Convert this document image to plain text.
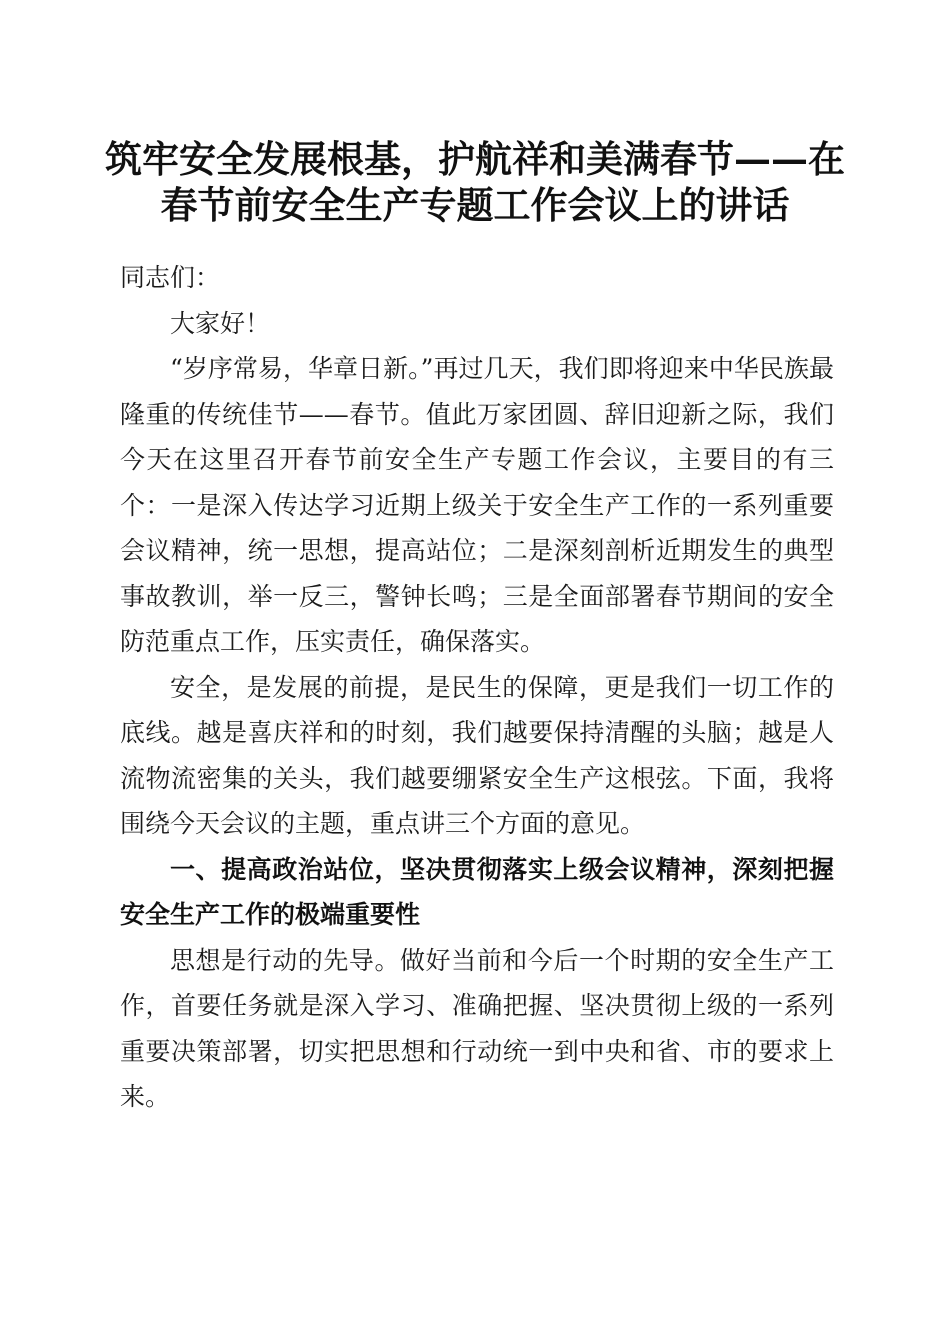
筑牢安全发展根基，护航祥和美满春节——在
春节前安全生产专题工作会议上的讲话

同志们：

大家好！

“岁序常易，华章日新。”再过几天，我们即将迎来中华民族最隆重的传统佳节——春节。值此万家团圆、辞旧迎新之际，我们今天在这里召开春节前安全生产专题工作会议，主要目的有三个：一是深入传达学习近期上级关于安全生产工作的一系列重要会议精神，统一思想，提高站位；二是深刻剖析近期发生的典型事故教训，举一反三，警钟长鸣；三是全面部署春节期间的安全防范重点工作，压实责任，确保落实。

安全，是发展的前提，是民生的保障，更是我们一切工作的底线。越是喜庆祥和的时刻，我们越要保持清醒的头脑；越是人流物流密集的关头，我们越要绷紧安全生产这根弦。下面，我将围绕今天会议的主题，重点讲三个方面的意见。

一、提高政治站位，坚决贯彻落实上级会议精神，深刻把握安全生产工作的极端重要性

思想是行动的先导。做好当前和今后一个时期的安全生产工作，首要任务就是深入学习、准确把握、坚决贯彻上级的一系列重要决策部署，切实把思想和行动统一到中央和省、市的要求上来。
